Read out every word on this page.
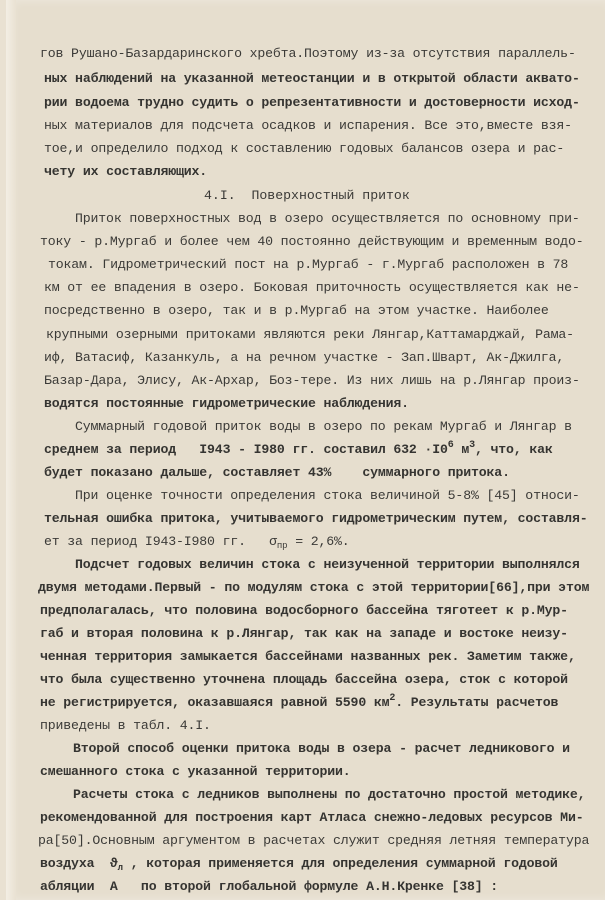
гов Рушано-Базардаринского хребта.Поэтому из-за отсутствия параллель-
ных наблюдений на указанной метеостанции и в открытой области аквато-
рии водоема трудно судить о репрезентативности и достоверности исход-
ных материалов для подсчета осадков и испарения. Все это,вместе взя-
тое,и определило подход к составлению годовых балансов озера и рас-
чету их составляющих.
4.I.  Поверхностный приток
Приток поверхностных вод в озеро осуществляется по основному при-
току - р.Мургаб и более чем 40 постоянно действующим и временным водо-
токам. Гидрометрический пост на р.Мургаб - г.Мургаб расположен в 78
км от ее впадения в озеро. Боковая приточность осуществляется как не-
посредственно в озеро, так и в р.Мургаб на этом участке. Наиболее
крупными озерными притоками являются реки Лянгар,Каттамарджай, Рама-
иф, Ватасиф, Казанкуль, а на речном участке - Зап.Шварт, Ак-Джилга,
Базар-Дара, Элису, Ак-Архар, Боз-тере. Из них лишь на р.Лянгар произ-
водятся постоянные гидрометрические наблюдения.
Суммарный годовой приток воды в озеро по рекам Мургаб и Лянгар в
среднем за период   I943 - I980 гг. составил $632 \cdot I0^6$ $м^3$, что, как
будет показано дальше, составляет 43%    суммарного притока.
При оценке точности определения стока величиной 5-8% [45] относи-
тельная ошибка притока, учитываемого гидрометрическим путем, составля-
ет за период I943-I980 гг.   $\sigma_{пр} = 2,6\%$.
Подсчет годовых величин стока с неизученной территории выполнялся
двумя методами.Первый - по модулям стока с этой территории[66],при этом
предполагалась, что половина водосборного бассейна тяготеет к р.Мур-
габ и вторая половина к р.Лянгар, так как на западе и востоке неизу-
ченная территория замыкается бассейнами названных рек. Заметим также,
что была существенно уточнена площадь бассейна озера, сток с которой
не регистрируется, оказавшаяся равной 5590 $км^2$. Результаты расчетов
приведены в табл. 4.I.
Второй способ оценки притока воды в озера - расчет ледникового и
смешанного стока с указанной территории.
Расчеты стока с ледников выполнены по достаточно простой методике,
рекомендованной для построения карт Атласа снежно-ледовых ресурсов Ми-
ра[50].Основным аргументом в расчетах служит средняя летняя температура
воздуха  $ϑ_л$ , которая применяется для определения суммарной годовой
абляции  A   по второй глобальной формуле А.Н.Кренке [38] :
